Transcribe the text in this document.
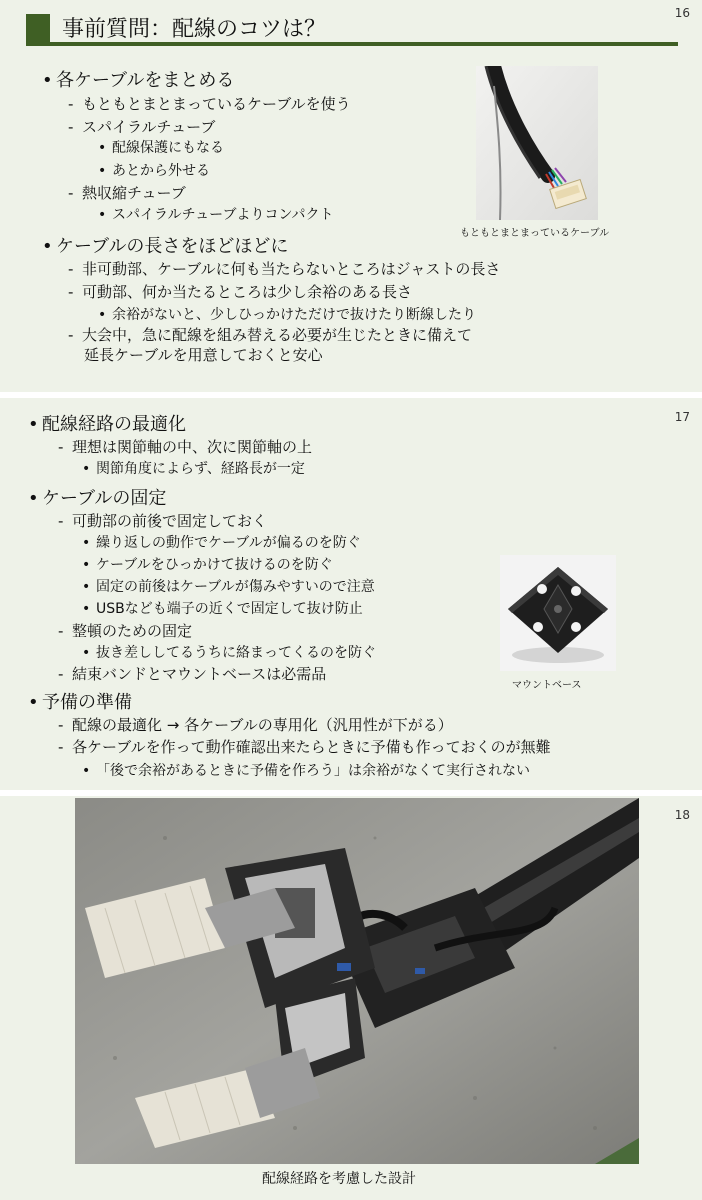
16
事前質問：配線のコツは？
• 各ケーブルをまとめる
- もともとまとまっているケーブルを使う
- スパイラルチューブ
• 配線保護にもなる
• あとから外せる
- 熱収縮チューブ
• スパイラルチューブよりコンパクト
• ケーブルの長さをほどほどに
- 非可動部、ケーブルに何も当たらないところはジャストの長さ
- 可動部、何か当たるところは少し余裕のある長さ
• 余裕がないと、少しひっかけただけで抜けたり断線したり
- 大会中，急に配線を組み替える必要が生じたときに備えて
延長ケーブルを用意しておくと安心
もともとまとまっているケーブル
17
• 配線経路の最適化
- 理想は関節軸の中、次に関節軸の上
• 関節角度によらず、経路長が一定
• ケーブルの固定
- 可動部の前後で固定しておく
• 繰り返しの動作でケーブルが偏るのを防ぐ
• ケーブルをひっかけて抜けるのを防ぐ
• 固定の前後はケーブルが傷みやすいので注意
• USBなども端子の近くで固定して抜け防止
- 整頓のための固定
• 抜き差ししてるうちに絡まってくるのを防ぐ
- 結束バンドとマウントベースは必需品
• 予備の準備
- 配線の最適化 → 各ケーブルの専用化（汎用性が下がる）
- 各ケーブルを作って動作確認出来たらときに予備も作っておくのが無難
• 「後で余裕があるときに予備を作ろう」は余裕がなくて実行されない
マウントベース
18
配線経路を考慮した設計
